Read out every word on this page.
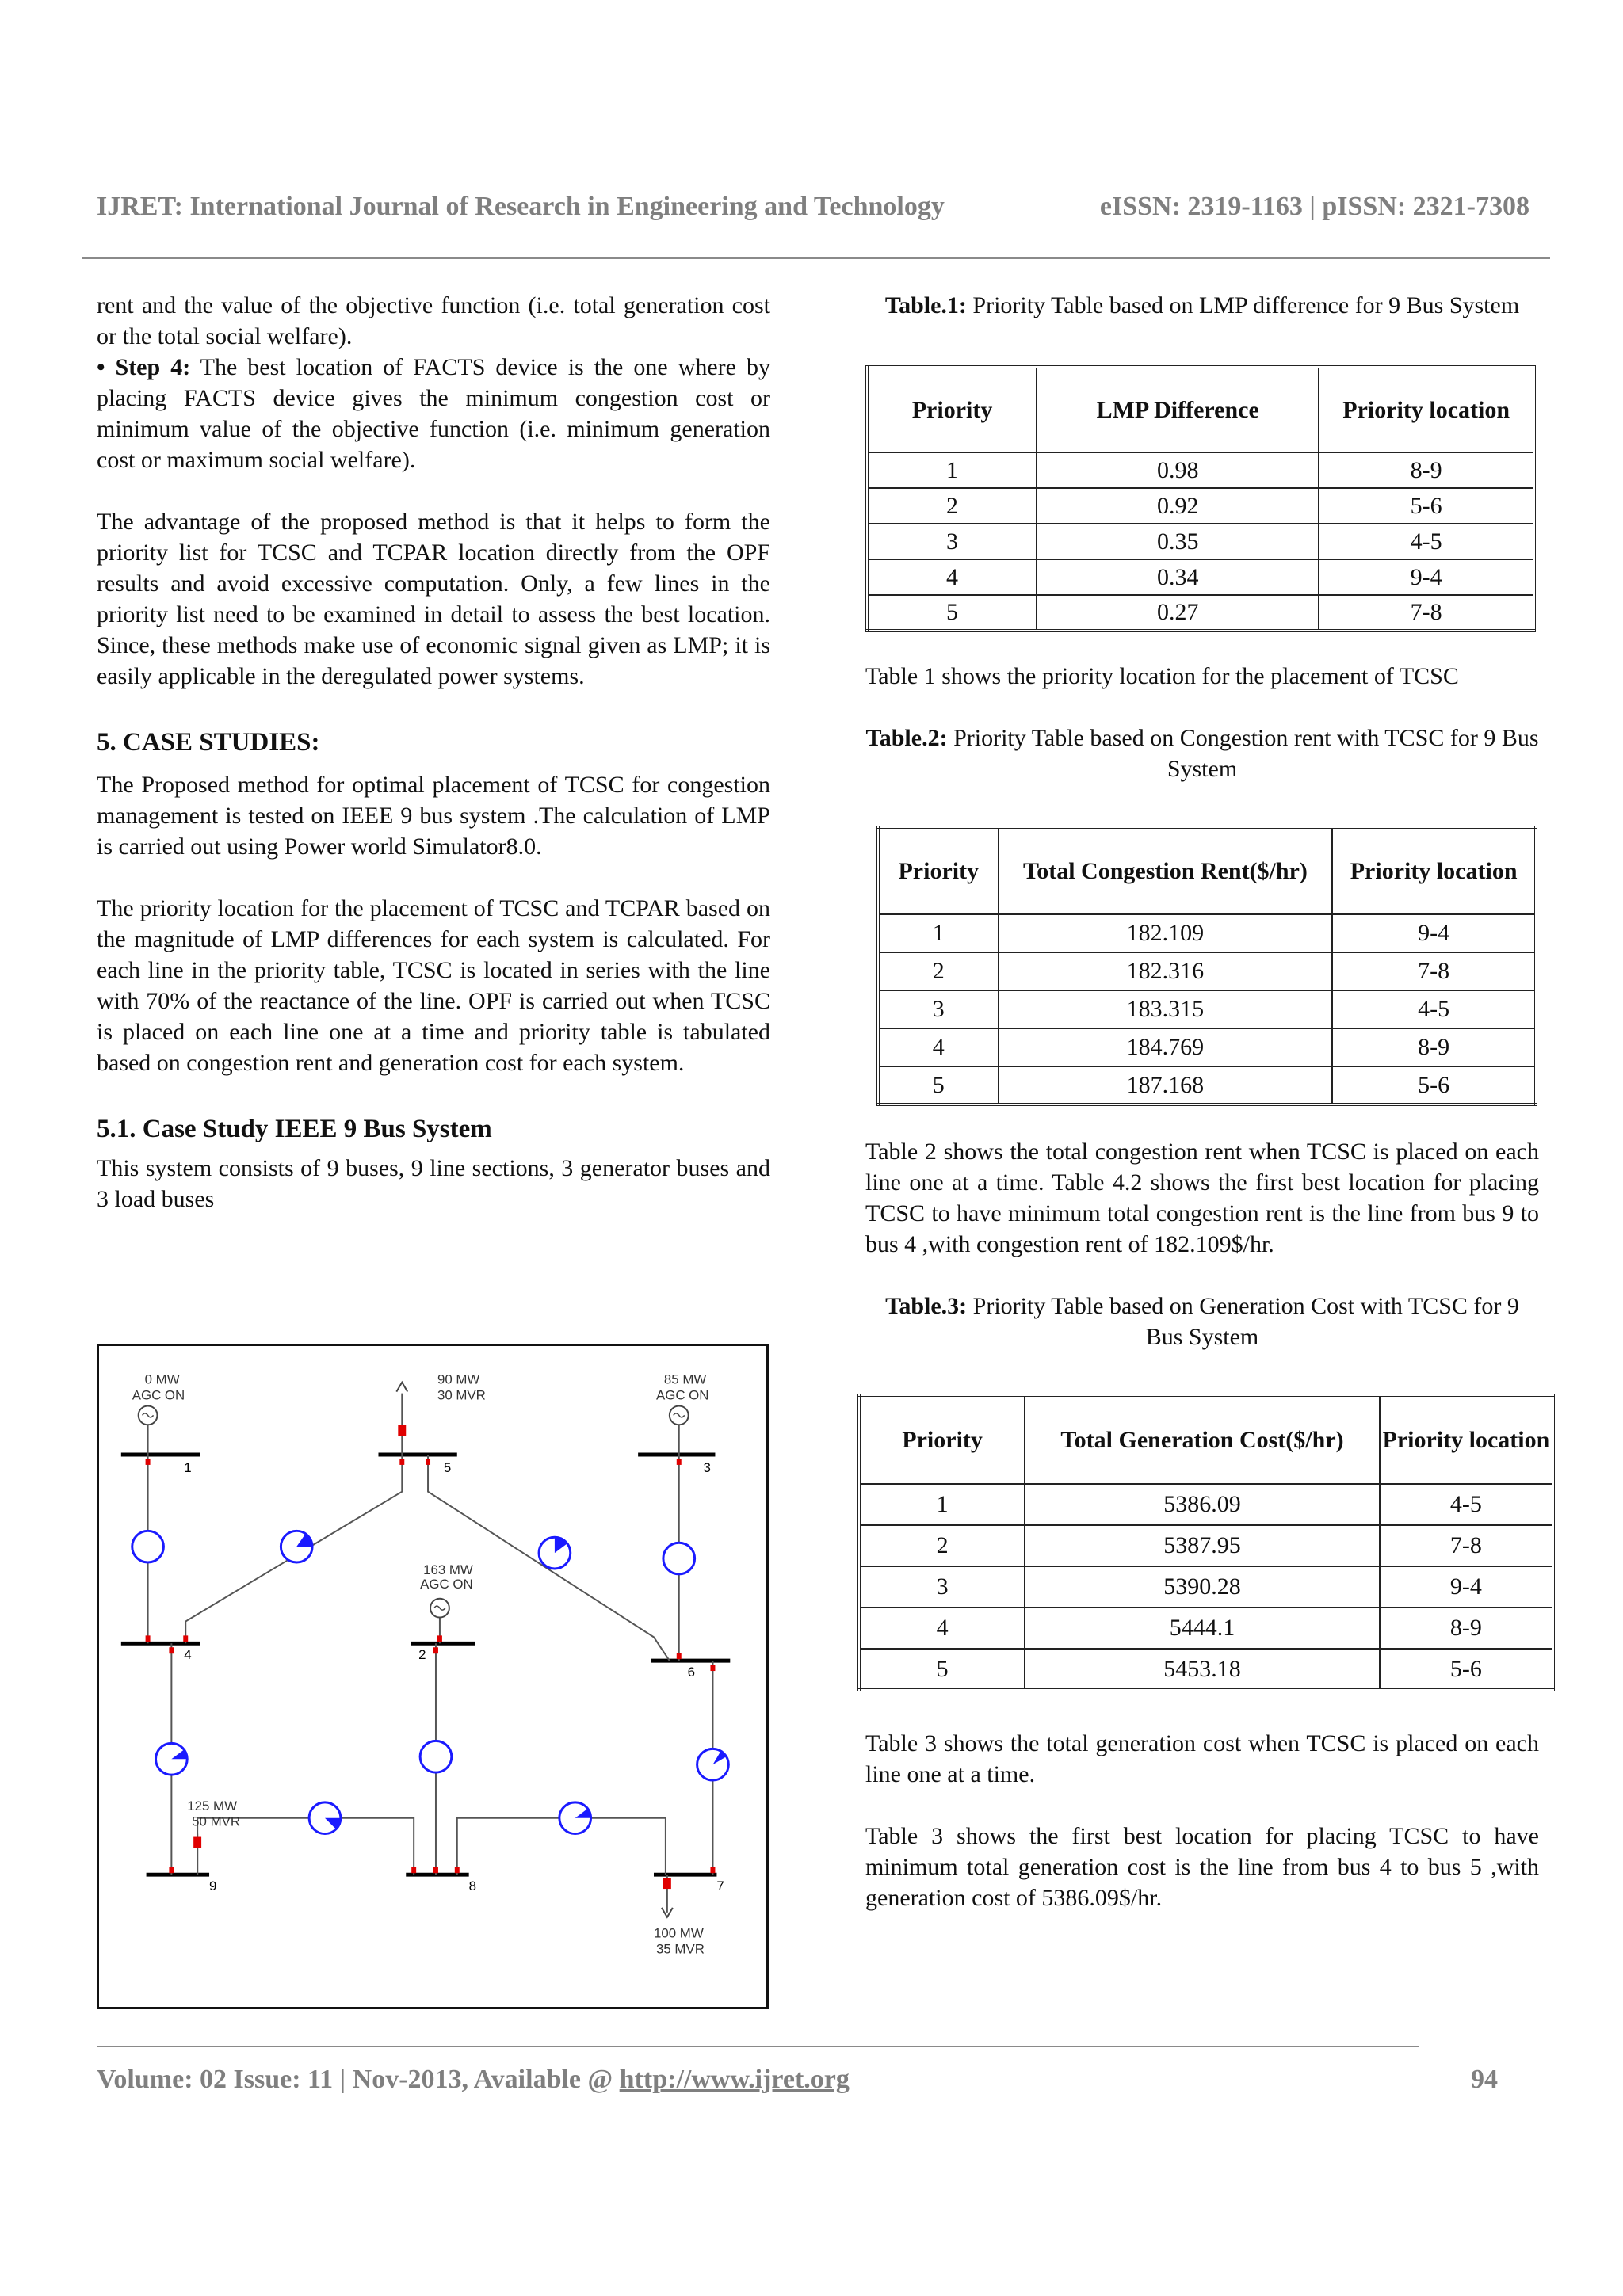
IJRET: International Journal of Research in Engineering and Technology	eISSN: 2319-1163 | pISSN: 2321-7308

rent and the value of the objective function (i.e. total generation cost or the total social welfare).

• Step 4: The best location of FACTS device is the one where by placing FACTS device gives the minimum congestion cost or minimum value of the objective function (i.e. minimum generation cost or maximum social welfare).

The advantage of the proposed method is that it helps to form the priority list for TCSC and TCPAR location directly from the OPF results and avoid excessive computation. Only, a few lines in the priority list need to be examined in detail to assess the best location. Since, these methods make use of economic signal given as LMP; it is easily applicable in the deregulated power systems.

5. CASE STUDIES:

The Proposed method for optimal placement of TCSC for congestion management is tested on IEEE 9 bus system .The calculation of LMP is carried out using Power world Simulator8.0.

The priority location for the placement of TCSC and TCPAR based on the magnitude of LMP differences for each system is calculated. For each line in the priority table, TCSC is located in series with the line with 70% of the reactance of the line. OPF is carried out when TCSC is placed on each line one at a time and priority table is tabulated based on congestion rent and generation cost for each system.

5.1. Case Study IEEE 9 Bus System

This system consists of 9 buses, 9 line sections, 3 generator buses and 3 load buses

0 MW
AGC ON
85 MW
AGC ON
163 MW
AGC ON
90 MW
30 MVR
125 MW
50 MVR
100 MW
35 MVR
1	5	3
4	2
6
9	8	7

Table.1: Priority Table based on LMP difference for 9 Bus System

Priority	LMP Difference	Priority location
1	0.98	8-9
2	0.92	5-6
3	0.35	4-5
4	0.34	9-4
5	0.27	7-8

Table 1 shows the priority location for the placement of TCSC

Table.2: Priority Table based on Congestion rent with TCSC for 9 Bus System

Priority	Total Congestion Rent($/hr)	Priority location
1	182.109	9-4
2	182.316	7-8
3	183.315	4-5
4	184.769	8-9
5	187.168	5-6

Table 2 shows the total congestion rent when TCSC is placed on each line one at a time. Table 4.2 shows the first best location for placing TCSC to have minimum total congestion rent is the line from bus 9 to bus 4 ,with congestion rent of 182.109$/hr.

Table.3: Priority Table based on Generation Cost with TCSC for 9 Bus System

Priority	Total Generation Cost($/hr)	Priority location
1	5386.09	4-5
2	5387.95	7-8
3	5390.28	9-4
4	5444.1	8-9
5	5453.18	5-6

Table 3 shows the total generation cost when TCSC is placed on each line one at a time.

Table 3 shows the first best location for placing TCSC to have minimum total generation cost is the line from bus 4 to bus 5 ,with generation cost of 5386.09$/hr.

Volume: 02 Issue: 11 | Nov-2013, Available @ http://www.ijret.org	94
